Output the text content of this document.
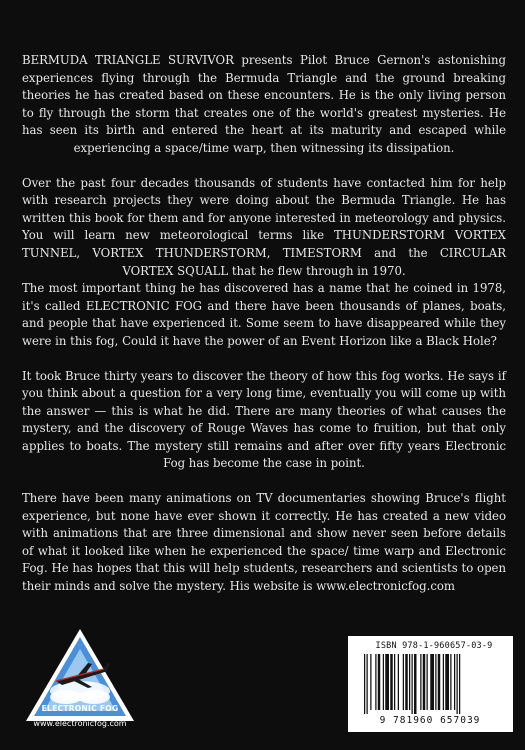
BERMUDA TRIANGLE SURVIVOR presents Pilot Bruce Gernon's astonishing experiences flying through the Bermuda Triangle and the ground breaking theories he has created based on these encounters. He is the only living person to fly through the storm that creates one of the world's greatest mysteries. He has seen its birth and entered the heart at its maturity and escaped while experiencing a space/time warp, then witnessing its dissipation.

Over the past four decades thousands of students have contacted him for help with research projects they were doing about the Bermuda Triangle. He has written this book for them and for anyone interested in meteorology and physics. You will learn new meteorological terms like THUNDERSTORM VORTEX TUNNEL, VORTEX THUNDERSTORM, TIMESTORM and the CIRCULAR VORTEX SQUALL that he flew through in 1970.

The most important thing he has discovered has a name that he coined in 1978, it's called ELECTRONIC FOG and there have been thousands of planes, boats, and people that have experienced it. Some seem to have disappeared while they were in this fog, Could it have the power of an Event Horizon like a Black Hole?

It took Bruce thirty years to discover the theory of how this fog works. He says if you think about a question for a very long time, eventually you will come up with the answer — this is what he did. There are many theories of what causes the mystery, and the discovery of Rouge Waves has come to fruition, but that only applies to boats. The mystery still remains and after over fifty years Electronic Fog has become the case in point.

There have been many animations on TV documentaries showing Bruce's flight experience, but none have ever shown it correctly. He has created a new video with animations that are three dimensional and show never seen before details of what it looked like when he experienced the space/ time warp and Electronic Fog. He has hopes that this will help students, researchers and scientists to open their minds and solve the mystery. His website is www.electronicfog.com

ELECTRONIC FOG
www.electronicfog.com
ISBN 978-1-960657-03-9
9 781960 657039
